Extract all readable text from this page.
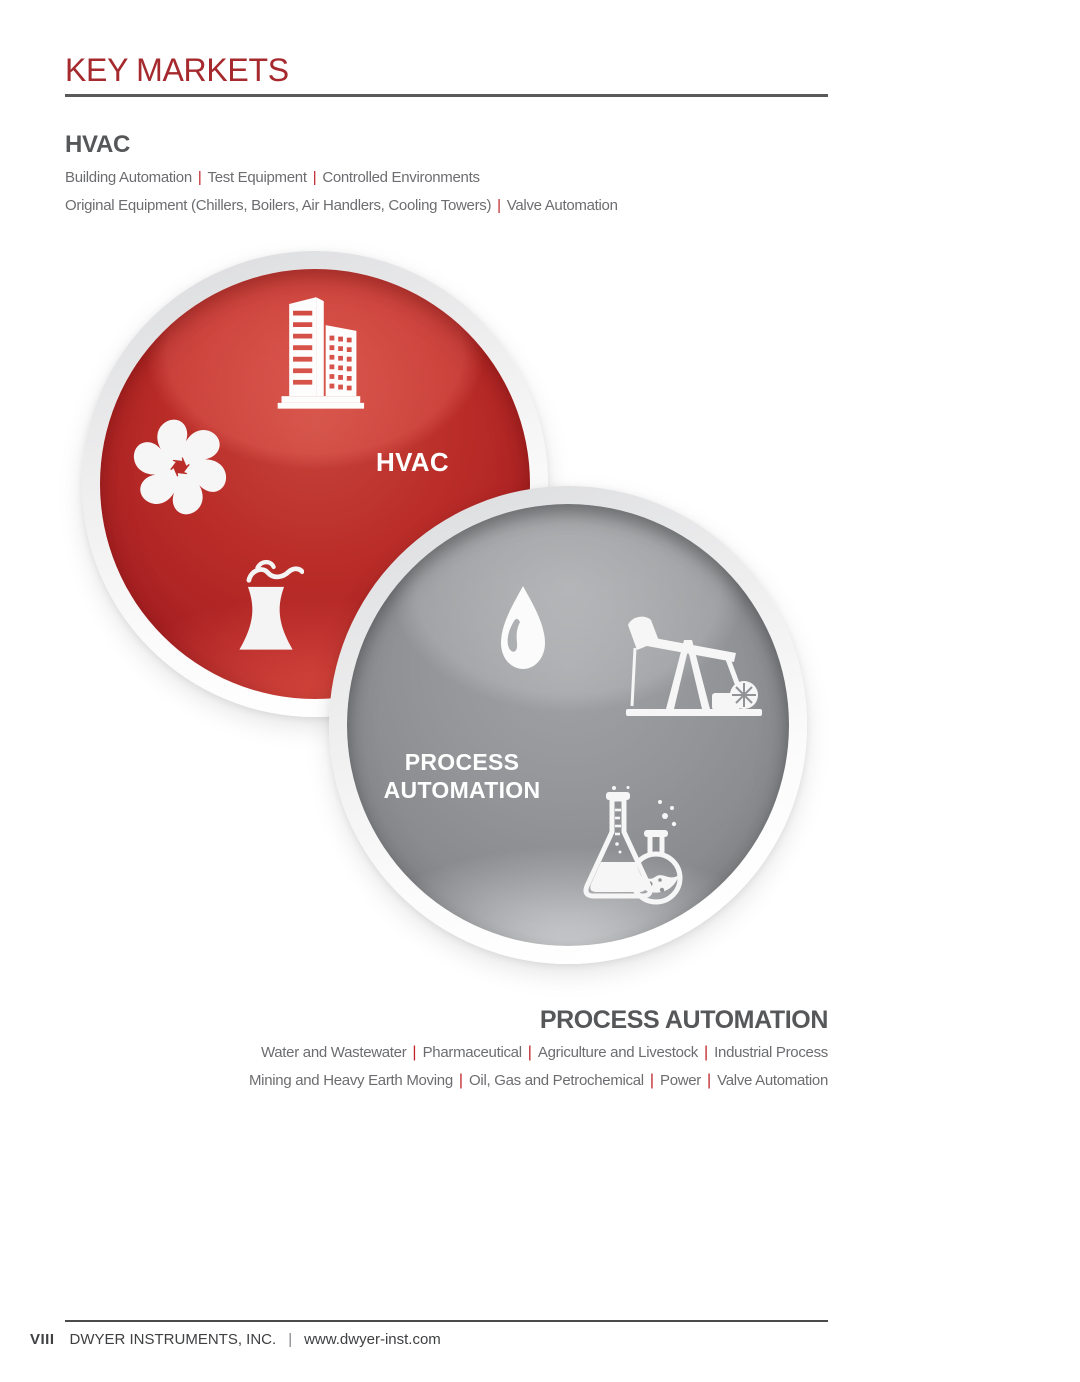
KEY MARKETS
HVAC

Building Automation | Test Equipment | Controlled Environments

Original Equipment (Chillers, Boilers, Air Handlers, Cooling Towers) | Valve Automation

HVAC
PROCESS
AUTOMATION
PROCESS AUTOMATION

Water and Wastewater | Pharmaceutical | Agriculture and Livestock | Industrial Process

Mining and Heavy Earth Moving | Oil, Gas and Petrochemical | Power | Valve Automation

VIII DWYER INSTRUMENTS, INC. | www.dwyer-inst.com
